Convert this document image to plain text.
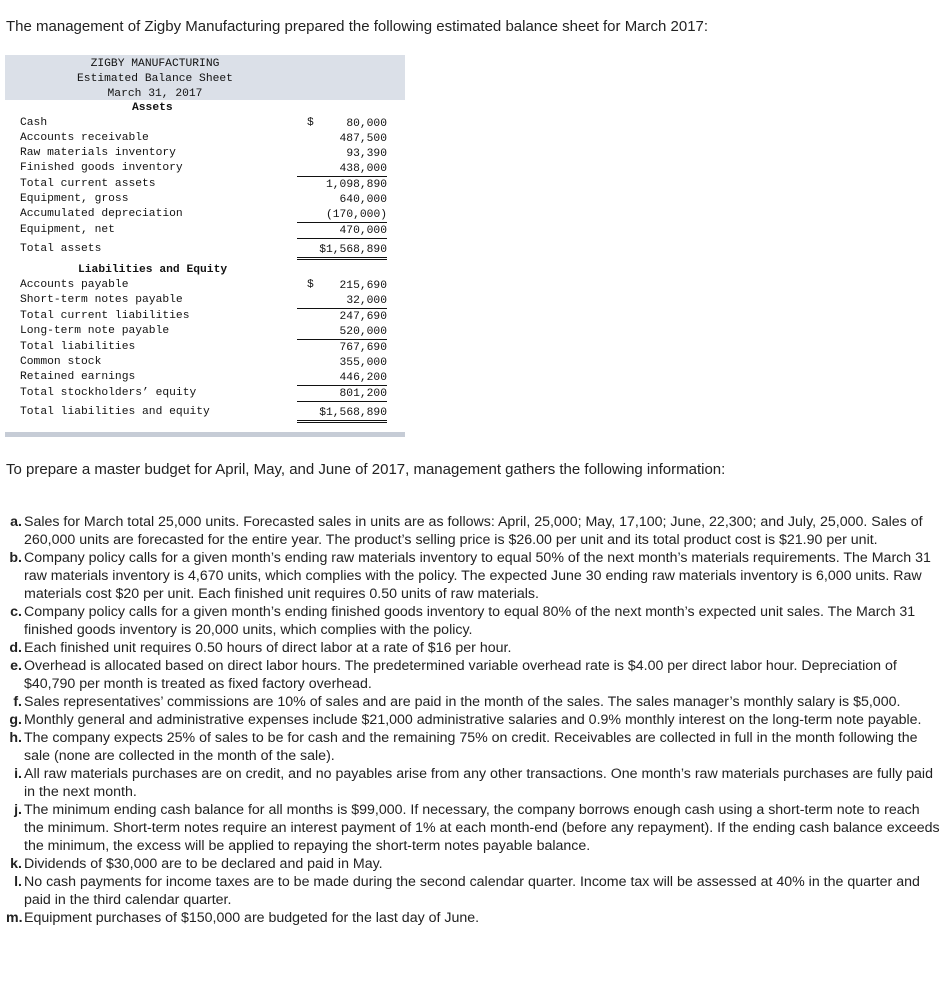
The management of Zigby Manufacturing prepared the following estimated balance sheet for March 2017:
ZIGBY MANUFACTURING
Estimated Balance Sheet
March 31, 2017
Assets
Cash	$	80,000
Accounts receivable	487,500
Raw materials inventory	93,390
Finished goods inventory	438,000
Total current assets	1,098,890
Equipment, gross	640,000
Accumulated depreciation	(170,000)
Equipment, net	470,000
Total assets	$1,568,890
Liabilities and Equity
Accounts payable	$	215,690
Short-term notes payable	32,000
Total current liabilities	247,690
Long-term note payable	520,000
Total liabilities	767,690
Common stock	355,000
Retained earnings	446,200
Total stockholders’ equity	801,200
Total liabilities and equity	$1,568,890
To prepare a master budget for April, May, and June of 2017, management gathers the following information:
a. Sales for March total 25,000 units. Forecasted sales in units are as follows: April, 25,000; May, 17,100; June, 22,300; and July, 25,000. Sales of 260,000 units are forecasted for the entire year. The product’s selling price is $26.00 per unit and its total product cost is $21.90 per unit.
b. Company policy calls for a given month’s ending raw materials inventory to equal 50% of the next month’s materials requirements. The March 31 raw materials inventory is 4,670 units, which complies with the policy. The expected June 30 ending raw materials inventory is 6,000 units. Raw materials cost $20 per unit. Each finished unit requires 0.50 units of raw materials.
c. Company policy calls for a given month’s ending finished goods inventory to equal 80% of the next month’s expected unit sales. The March 31 finished goods inventory is 20,000 units, which complies with the policy.
d. Each finished unit requires 0.50 hours of direct labor at a rate of $16 per hour.
e. Overhead is allocated based on direct labor hours. The predetermined variable overhead rate is $4.00 per direct labor hour. Depreciation of $40,790 per month is treated as fixed factory overhead.
f. Sales representatives’ commissions are 10% of sales and are paid in the month of the sales. The sales manager’s monthly salary is $5,000.
g. Monthly general and administrative expenses include $21,000 administrative salaries and 0.9% monthly interest on the long-term note payable.
h. The company expects 25% of sales to be for cash and the remaining 75% on credit. Receivables are collected in full in the month following the sale (none are collected in the month of the sale).
i. All raw materials purchases are on credit, and no payables arise from any other transactions. One month’s raw materials purchases are fully paid in the next month.
j. The minimum ending cash balance for all months is $99,000. If necessary, the company borrows enough cash using a short-term note to reach the minimum. Short-term notes require an interest payment of 1% at each month-end (before any repayment). If the ending cash balance exceeds the minimum, the excess will be applied to repaying the short-term notes payable balance.
k. Dividends of $30,000 are to be declared and paid in May.
l. No cash payments for income taxes are to be made during the second calendar quarter. Income tax will be assessed at 40% in the quarter and paid in the third calendar quarter.
m. Equipment purchases of $150,000 are budgeted for the last day of June.
